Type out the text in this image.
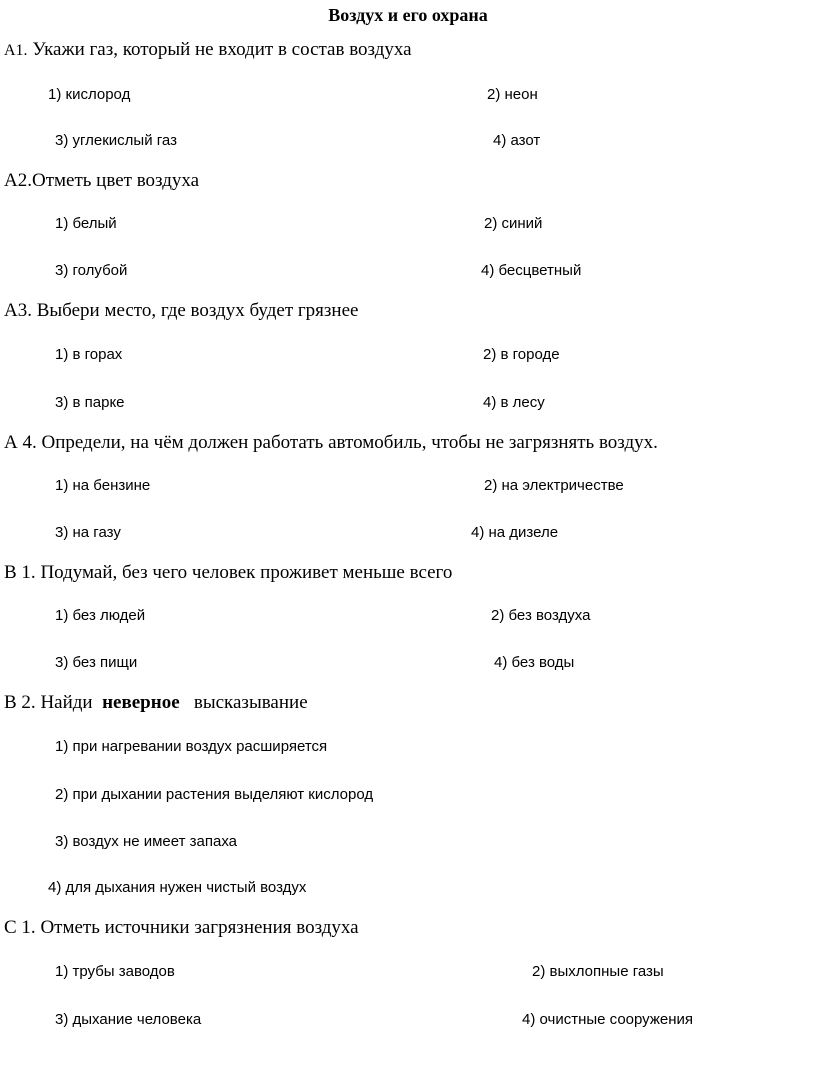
Воздух и его охрана
А1. Укажи газ, который не входит в состав воздуха
1) кислород	2) неон
3) углекислый газ	4) азот
А2.Отметь цвет воздуха
1) белый	2) синий
3) голубой	4) бесцветный
А3. Выбери место, где воздух будет грязнее
1) в горах	2) в городе
3) в парке	4) в лесу
А 4. Определи, на чём должен работать автомобиль, чтобы не загрязнять воздух.
1) на бензине	2) на электричестве
3) на газу	4) на дизеле
В 1. Подумай, без чего человек проживет меньше всего
1) без людей	2) без воздуха
3) без пищи	4) без воды
В 2. Найди неверное высказывание
1) при нагревании воздух расширяется
2) при дыхании растения выделяют кислород
3) воздух не имеет запаха
4) для дыхания нужен чистый воздух
С 1. Отметь источники загрязнения воздуха
1) трубы заводов	2) выхлопные газы
3) дыхание человека	4) очистные сооружения
